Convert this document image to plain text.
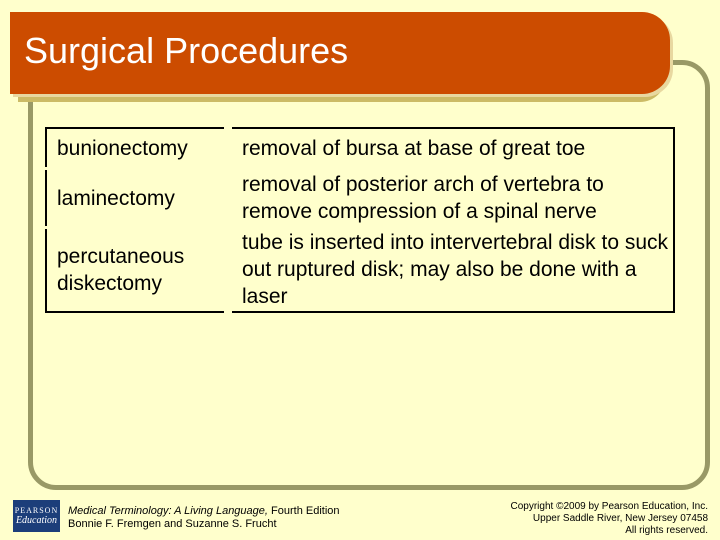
Surgical Procedures
bunionectomy	removal of bursa at base of great toe
laminectomy	removal of posterior arch of vertebra to remove compression of a spinal nerve
percutaneous diskectomy	tube is inserted into intervertebral disk to suck out ruptured disk; may also be done with a laser
PEARSON
Education
Medical Terminology: A Living Language, Fourth Edition
Bonnie F. Fremgen and Suzanne S. Frucht
Copyright ©2009 by Pearson Education, Inc.
Upper Saddle River, New Jersey 07458
All rights reserved.
